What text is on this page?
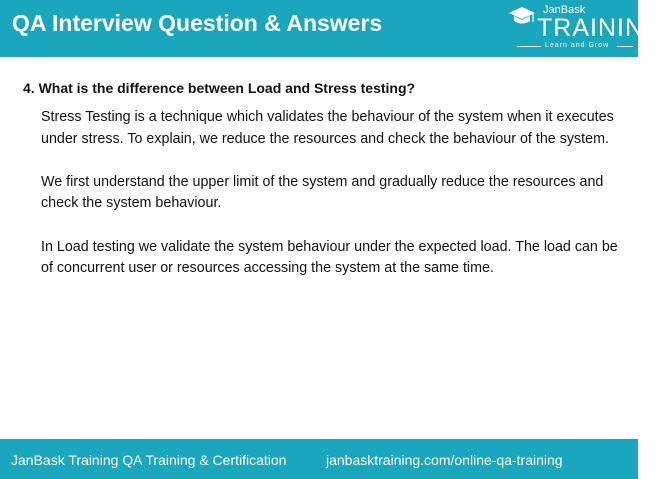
QA Interview Question & Answers	JanBask
TRAINING
Learn and Grow
4. What is the difference between Load and Stress testing?

Stress Testing is a technique which validates the behaviour of the system when it executes under stress. To explain, we reduce the resources and check the behaviour of the system.

We first understand the upper limit of the system and gradually reduce the resources and check the system behaviour.

In Load testing we validate the system behaviour under the expected load. The load can be of concurrent user or resources accessing the system at the same time.

JanBask Training QA Training & Certification	janbasktraining.com/online-qa-training
